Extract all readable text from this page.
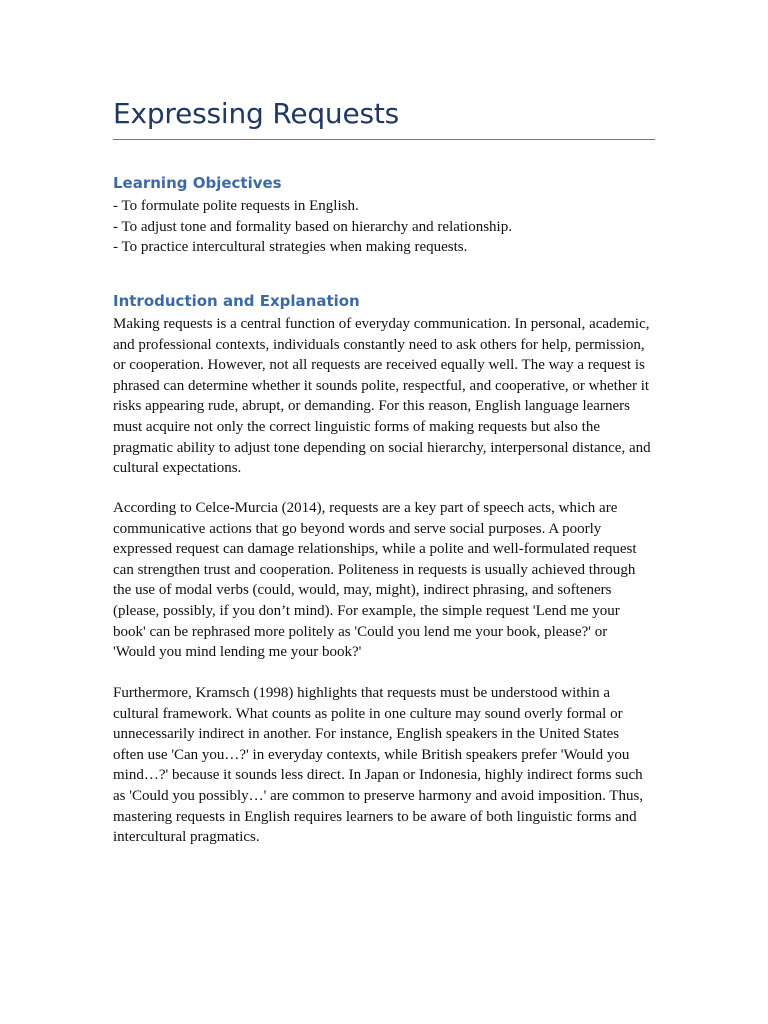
Expressing Requests
Learning Objectives
- To formulate polite requests in English.
- To adjust tone and formality based on hierarchy and relationship.
- To practice intercultural strategies when making requests.
Introduction and Explanation

Making requests is a central function of everyday communication. In personal, academic,
and professional contexts, individuals constantly need to ask others for help, permission,
or cooperation. However, not all requests are received equally well. The way a request is
phrased can determine whether it sounds polite, respectful, and cooperative, or whether it
risks appearing rude, abrupt, or demanding. For this reason, English language learners
must acquire not only the correct linguistic forms of making requests but also the
pragmatic ability to adjust tone depending on social hierarchy, interpersonal distance, and
cultural expectations.

According to Celce-Murcia (2014), requests are a key part of speech acts, which are
communicative actions that go beyond words and serve social purposes. A poorly
expressed request can damage relationships, while a polite and well-formulated request
can strengthen trust and cooperation. Politeness in requests is usually achieved through
the use of modal verbs (could, would, may, might), indirect phrasing, and softeners
(please, possibly, if you don’t mind). For example, the simple request 'Lend me your
book' can be rephrased more politely as 'Could you lend me your book, please?' or
'Would you mind lending me your book?'

Furthermore, Kramsch (1998) highlights that requests must be understood within a
cultural framework. What counts as polite in one culture may sound overly formal or
unnecessarily indirect in another. For instance, English speakers in the United States
often use 'Can you…?' in everyday contexts, while British speakers prefer 'Would you
mind…?' because it sounds less direct. In Japan or Indonesia, highly indirect forms such
as 'Could you possibly…' are common to preserve harmony and avoid imposition. Thus,
mastering requests in English requires learners to be aware of both linguistic forms and
intercultural pragmatics.
